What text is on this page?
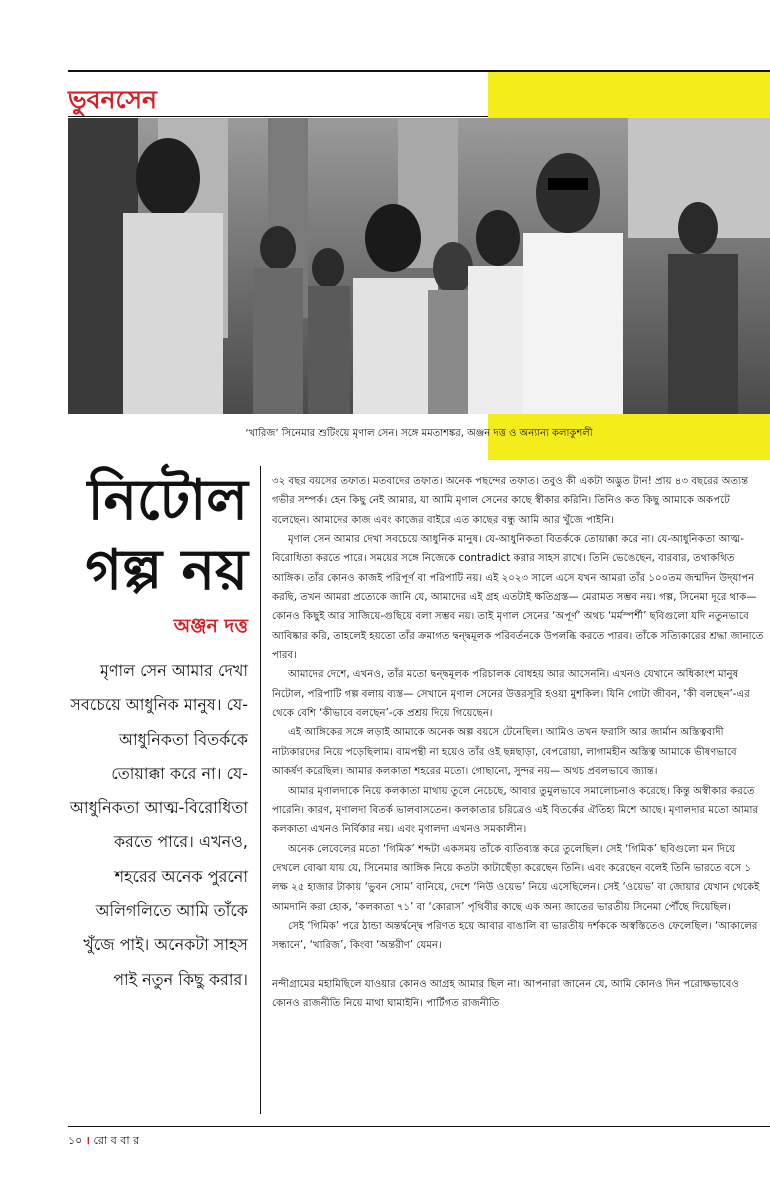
ভুবনসেন
‘খারিজ’ সিনেমার শুটিংয়ে মৃণাল সেন। সঙ্গে মমতাশঙ্কর, অঞ্জন দত্ত ও অন্যান্য কলাকুশলী
নিটোল
গল্প নয়
অঞ্জন দত্ত
মৃণাল সেন আমার দেখা সবচেয়ে আধুনিক মানুষ। যে-আধুনিকতা বিতর্ককে তোয়াক্কা করে না। যে-আধুনিকতা আত্ম-বিরোধিতা করতে পারে। এখনও, শহরের অনেক পুরনো অলিগলিতে আমি তাঁকে খুঁজে পাই। অনেকটা সাহস পাই নতুন কিছু করার।

৩২ বছর বয়সের তফাত। মতবাদের তফাত। অনেক পছন্দের তফাত। তবুও কী একটা অদ্ভুত টান! প্রায় ৪৩ বছরের অত্যন্ত গভীর সম্পর্ক। হেন কিছু নেই আমার, যা আমি মৃণাল সেনের কাছে স্বীকার করিনি। তিনিও কত কিছু আমাকে অকপটে বলেছেন। আমাদের কাজ এবং কাজের বাইরে এত কাছের বন্ধু আমি আর খুঁজে পাইনি।

মৃণাল সেন আমার দেখা সবচেয়ে আধুনিক মানুষ। যে-আধুনিকতা বিতর্ককে তোয়াক্কা করে না। যে-আধুনিকতা আত্ম-বিরোধিতা করতে পারে। সময়ের সঙ্গে নিজেকে contradict করার সাহস রাখে। তিনি ভেঙেছেন, বারবার, তথাকথিত আঙ্গিক। তাঁর কোনও কাজই পরিপূর্ণ বা পরিপাটি নয়। এই ২০২৩ সালে এসে যখন আমরা তাঁর ১০০তম জন্মদিন উদ্‌যাপন করছি, তখন আমরা প্রত্যেকে জানি যে, আমাদের এই গ্রহ এতটাই ক্ষতিগ্রস্ত— মেরামত সম্ভব নয়। গল্প, সিনেমা দূরে থাক— কোনও কিছুই আর সাজিয়ে-গুছিয়ে বলা সম্ভব নয়। তাই মৃণাল সেনের ‘অপূর্ণ’ অথচ ‘মর্মস্পর্শী’ ছবিগুলো যদি নতুনভাবে আবিষ্কার করি, তাহলেই হয়তো তাঁর ক্রমাগত দ্বন্দ্বমূলক পরিবর্তনকে উপলব্ধি করতে পারব। তাঁকে সত্যিকারের শ্রদ্ধা জানাতে পারব।

আমাদের দেশে, এখনও, তাঁর মতো দ্বন্দ্বমূলক পরিচালক বোধহয় আর আসেননি। এখনও যেখানে অধিকাংশ মানুষ নিটোল, পরিপাটি গল্প বলায় ব্যস্ত— সেখানে মৃণাল সেনের উত্তরসূরি হওয়া মুশকিল। যিনি গোটা জীবন, ‘কী বলছেন’-এর থেকে বেশি ‘কীভাবে বলছেন’-কে প্রশ্রয় দিয়ে গিয়েছেন।

এই আঙ্গিকের সঙ্গে লড়াই আমাকে অনেক অল্প বয়সে টেনেছিল। আমিও তখন ফরাসি আর জার্মান অস্তিত্ববাদী নাট্যকারদের নিয়ে পড়েছিলাম। বামপন্থী না হয়েও তাঁর ওই ছন্নছাড়া, বেপরোয়া, লাগামহীন অস্তিত্ব আমাকে ভীষণভাবে আকর্ষণ করেছিল। আমার কলকাতা শহরের মতো। গোছানো, সুন্দর নয়— অথচ প্রবলভাবে জ্যান্ত।

আমার মৃণালদাকে নিয়ে কলকাতা মাথায় তুলে নেচেছে, আবার তুমুলভাবে সমালোচনাও করেছে। কিন্তু অস্বীকার করতে পারেনি। কারণ, মৃণালদা বিতর্ক ভালবাসতেন। কলকাতার চরিত্রেও এই বিতর্কের ঐতিহ্য মিশে আছে। মৃণালদার মতো আমার কলকাতা এখনও নির্বিকার নয়। এবং মৃণালদা এখনও সমকালীন।

অনেক লেবেলের মতো ‘গিমিক’ শব্দটা একসময় তাঁকে ব্যতিব্যস্ত করে তুলেছিল। সেই ‘গিমিক’ ছবিগুলো মন দিয়ে দেখলে বোঝা যায় যে, সিনেমার আঙ্গিক নিয়ে কতটা কাটাছেঁড়া করেছেন তিনি। এবং করেছেন বলেই তিনি ভারতে বসে ১ লক্ষ ২৫ হাজার টাকায় ‘ভুবন সোম’ বানিয়ে, দেশে ‘নিউ ওয়েভ’ নিয়ে এসেছিলেন। সেই ‘ওয়েভ’ বা জোয়ার যেখান থেকেই আমদানি করা হোক, ‘কলকাতা ৭১’ বা ‘কোরাস’ পৃথিবীর কাছে এক অন্য জাতের ভারতীয় সিনেমা পৌঁছে দিয়েছিল।

সেই ‘গিমিক’ পরে ঠান্ডা অন্তর্দ্বন্দ্বে পরিণত হয়ে আবার বাঙালি বা ভারতীয় দর্শককে অস্বস্তিতেও ফেলেছিল। ‘আকালের সন্ধানে’, ‘খারিজ’, কিংবা ‘অন্তরীণ’ যেমন।

নন্দীগ্রামের মহামিছিলে যাওয়ার কোনও আগ্রহ আমার ছিল না। আপনারা জানেন যে, আমি কোনও দিন পরোক্ষভাবেও কোনও রাজনীতি নিয়ে মাথা ঘামাইনি। পার্টিগত রাজনীতি

১০ । রো ব বা র
